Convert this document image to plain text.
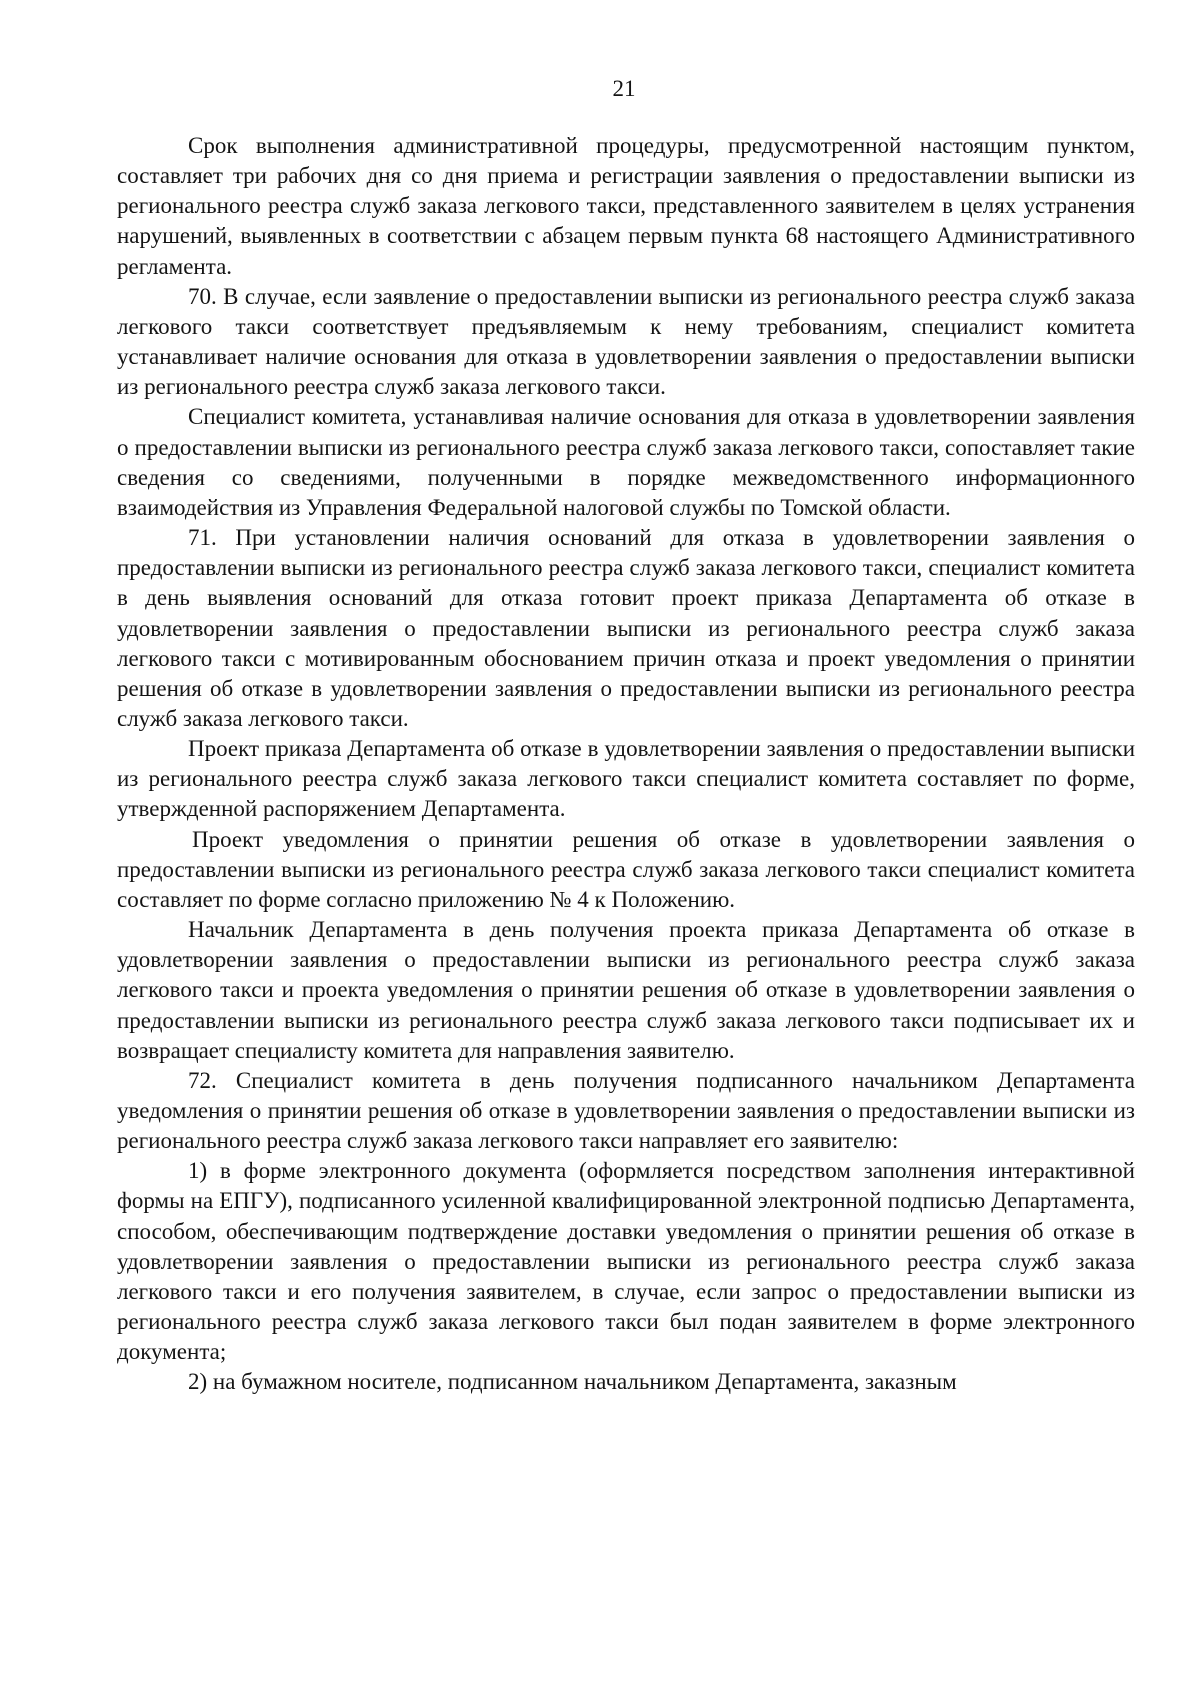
21

Срок выполнения административной процедуры, предусмотренной настоящим пунктом, составляет три рабочих дня со дня приема и регистрации заявления о предоставлении выписки из регионального реестра служб заказа легкового такси, представленного заявителем в целях устранения нарушений, выявленных в соответствии с абзацем первым пункта 68 настоящего Административного регламента.

70. В случае, если заявление о предоставлении выписки из регионального реестра служб заказа легкового такси соответствует предъявляемым к нему требованиям, специалист комитета устанавливает наличие основания для отказа в удовлетворении заявления о предоставлении выписки из регионального реестра служб заказа легкового такси.

Специалист комитета, устанавливая наличие основания для отказа в удовлетворении заявления о предоставлении выписки из регионального реестра служб заказа легкового такси, сопоставляет такие сведения со сведениями, полученными в порядке межведомственного информационного взаимодействия из Управления Федеральной налоговой службы по Томской области.

71. При установлении наличия оснований для отказа в удовлетворении заявления о предоставлении выписки из регионального реестра служб заказа легкового такси, специалист комитета в день выявления оснований для отказа готовит проект приказа Департамента об отказе в удовлетворении заявления о предоставлении выписки из регионального реестра служб заказа легкового такси с мотивированным обоснованием причин отказа и проект уведомления о принятии решения об отказе в удовлетворении заявления о предоставлении выписки из регионального реестра служб заказа легкового такси.

Проект приказа Департамента об отказе в удовлетворении заявления о предоставлении выписки из регионального реестра служб заказа легкового такси специалист комитета составляет по форме, утвержденной распоряжением Департамента.

Проект уведомления о принятии решения об отказе в удовлетворении заявления о предоставлении выписки из регионального реестра служб заказа легкового такси специалист комитета составляет по форме согласно приложению № 4 к Положению.

Начальник Департамента в день получения проекта приказа Департамента об отказе в удовлетворении заявления о предоставлении выписки из регионального реестра служб заказа легкового такси и проекта уведомления о принятии решения об отказе в удовлетворении заявления о предоставлении выписки из регионального реестра служб заказа легкового такси подписывает их и возвращает специалисту комитета для направления заявителю.

72. Специалист комитета в день получения подписанного начальником Департамента уведомления о принятии решения об отказе в удовлетворении заявления о предоставлении выписки из регионального реестра служб заказа легкового такси направляет его заявителю:

1) в форме электронного документа (оформляется посредством заполнения интерактивной формы на ЕПГУ), подписанного усиленной квалифицированной электронной подписью Департамента, способом, обеспечивающим подтверждение доставки уведомления о принятии решения об отказе в удовлетворении заявления о предоставлении выписки из регионального реестра служб заказа легкового такси и его получения заявителем, в случае, если запрос о предоставлении выписки из регионального реестра служб заказа легкового такси был подан заявителем в форме электронного документа;

2) на бумажном носителе, подписанном начальником Департамента, заказным
